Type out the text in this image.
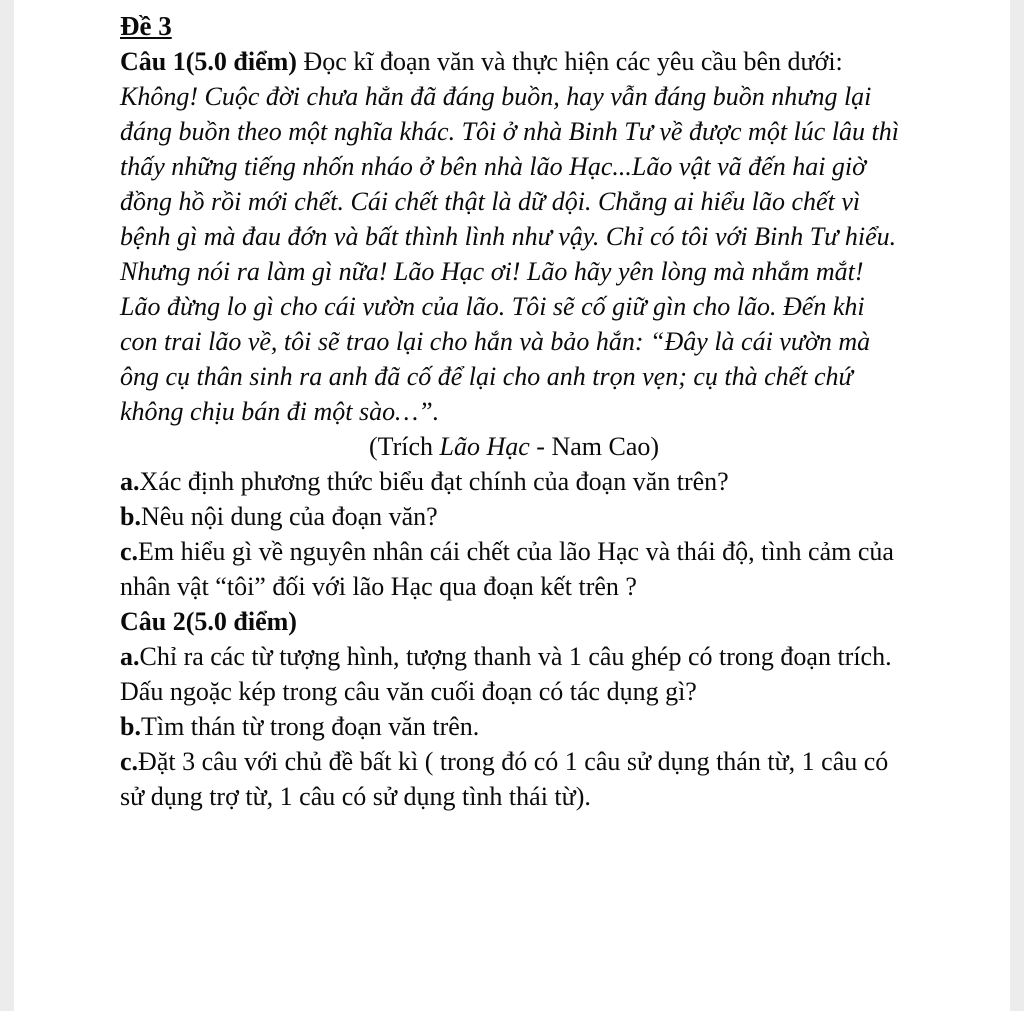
Đề 3

Câu 1(5.0 điểm) Đọc kĩ đoạn văn và thực hiện các yêu cầu bên dưới:

Không! Cuộc đời chưa hẳn đã đáng buồn, hay vẫn đáng buồn nhưng lại đáng buồn theo một nghĩa khác. Tôi ở nhà Binh Tư về được một lúc lâu thì thấy những tiếng nhốn nháo ở bên nhà lão Hạc...Lão vật vã đến hai giờ đồng hồ rồi mới chết. Cái chết thật là dữ dội. Chẳng ai hiểu lão chết vì bệnh gì mà đau đớn và bất thình lình như vậy. Chỉ có tôi với Binh Tư hiểu.

Nhưng nói ra làm gì nữa! Lão Hạc ơi! Lão hãy yên lòng mà nhắm mắt! Lão đừng lo gì cho cái vườn của lão. Tôi sẽ cố giữ gìn cho lão. Đến khi con trai lão về, tôi sẽ trao lại cho hắn và bảo hắn: “Đây là cái vườn mà ông cụ thân sinh ra anh đã cố để lại cho anh trọn vẹn; cụ thà chết chứ không chịu bán đi một sào…”.

(Trích Lão Hạc - Nam Cao)

a.Xác định phương thức biểu đạt chính của đoạn văn trên?

b.Nêu nội dung của đoạn văn?

c.Em hiểu gì về nguyên nhân cái chết của lão Hạc và thái độ, tình cảm của nhân vật “tôi” đối với lão Hạc qua đoạn kết trên ?

Câu 2(5.0 điểm)

a.Chỉ ra các từ tượng hình, tượng thanh và 1 câu ghép có trong đoạn trích. Dấu ngoặc kép trong câu văn cuối đoạn có tác dụng gì?

b.Tìm thán từ trong đoạn văn trên.

c.Đặt 3 câu với chủ đề bất kì ( trong đó có 1 câu sử dụng thán từ, 1 câu có sử dụng trợ từ, 1 câu có sử dụng tình thái từ).
